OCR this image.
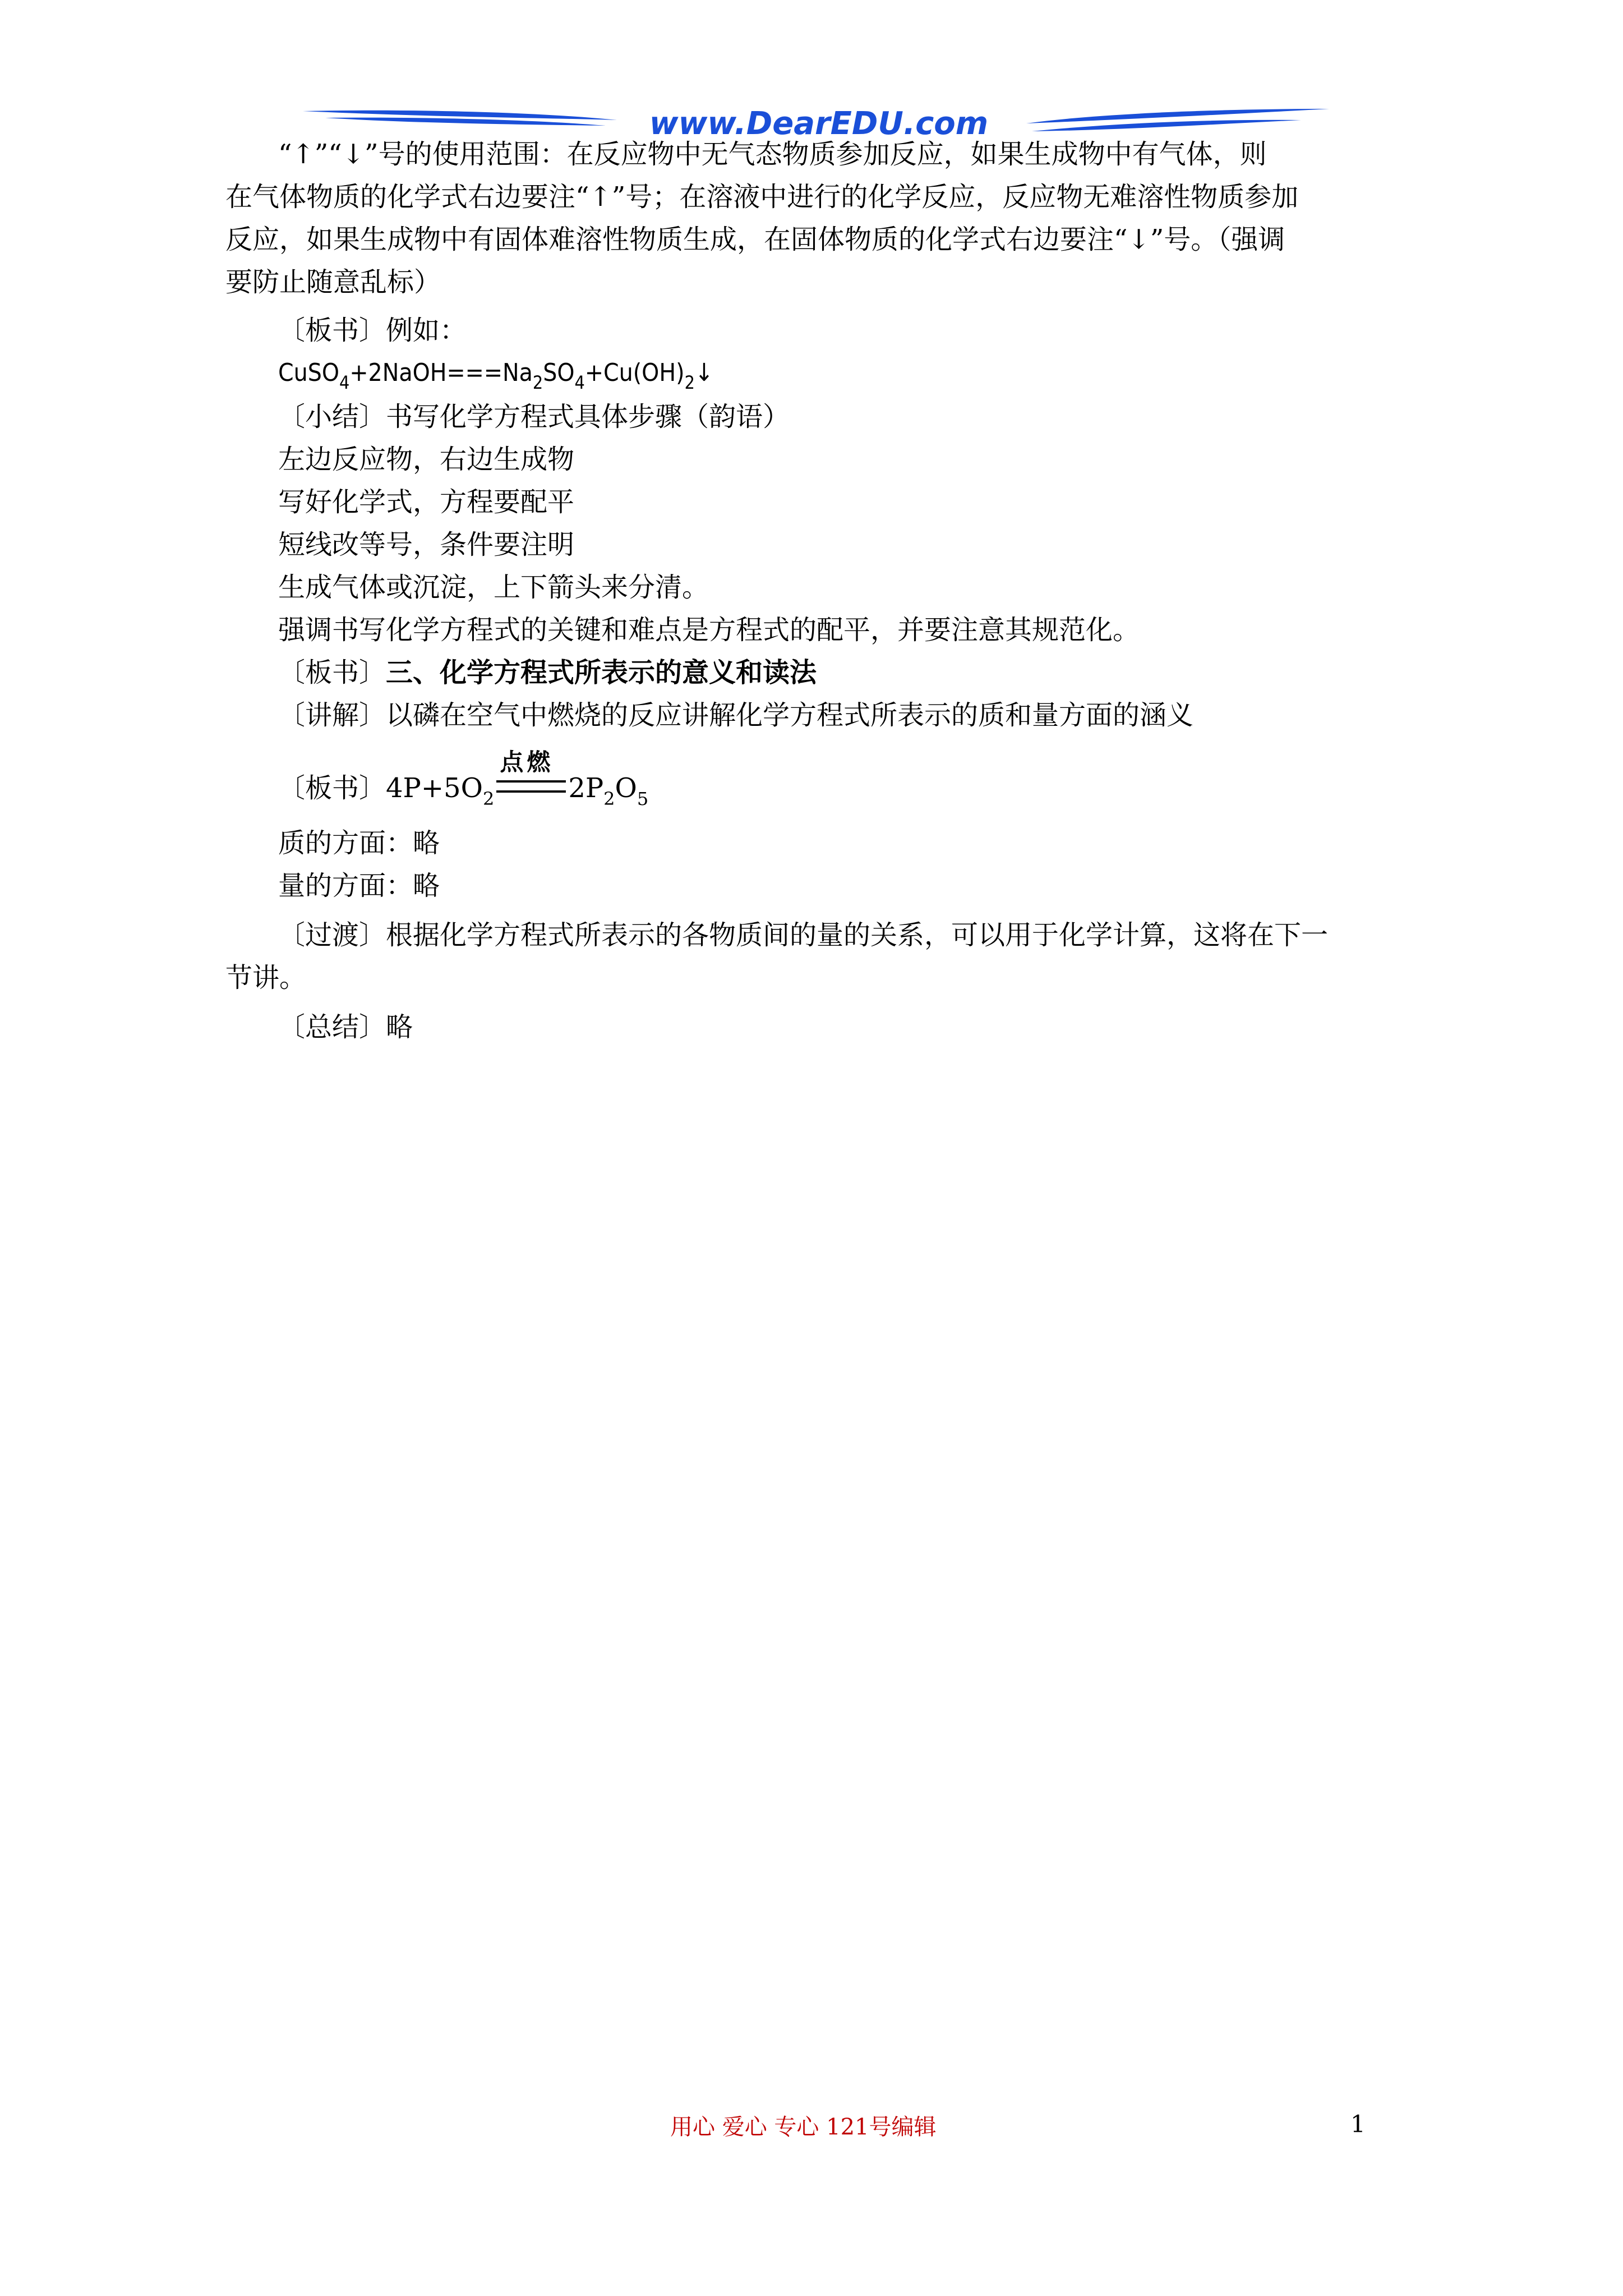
www.DearEDU.com
“↑”“↓”号的使用范围：在反应物中无气态物质参加反应，如果生成物中有气体，则
在气体物质的化学式右边要注“↑”号；在溶液中进行的化学反应，反应物无难溶性物质参加
反应，如果生成物中有固体难溶性物质生成，在固体物质的化学式右边要注“↓”号。（强调
要防止随意乱标）
〔板书〕例如：
$CuSO_4+2NaOH===Na_2SO_4+Cu(OH)_2↓$
〔小结〕书写化学方程式具体步骤（韵语）
左边反应物，右边生成物
写好化学式，方程要配平
短线改等号，条件要注明
生成气体或沉淀，上下箭头来分清。
强调书写化学方程式的关键和难点是方程式的配平，并要注意其规范化。
〔板书〕三、化学方程式所表示的意义和读法
〔讲解〕以磷在空气中燃烧的反应讲解化学方程式所表示的质和量方面的涵义
〔板书〕$4P+5O_2$
点燃
$2P_2O_5$
质的方面：略
量的方面：略
〔过渡〕根据化学方程式所表示的各物质间的量的关系，可以用于化学计算，这将在下一
节讲。
〔总结〕略
用心 爱心 专心 121号编辑	1
